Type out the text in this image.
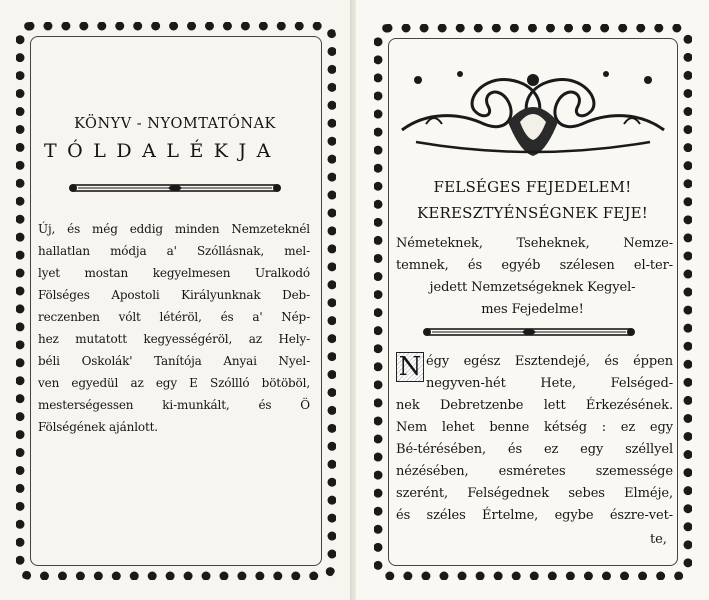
KÖNYV - NYOMTATÓNAK
TÓLDALÉKJA
Új, és még eddig minden Nemzeteknél
hallatlan módja a' Szóllásnak, mel-
lyet mostan kegyelmesen Uralkodó
Fölséges Apostoli Királyunknak Deb-
reczenben vólt létéröl, és a' Nép-
hez mutatott kegyességéröl, az Hely-
béli Oskolák' Tanítója Anyai Nyel-
ven egyedül az egy E Szóllló bötöböl,
mesterségessen ki-munkált, és Ö
Fölségének ajánlott.
FELSÉGES FEJEDELEM!
KERESZTYÉNSÉGNEK FEJE!
Németeknek, Tseheknek, Nemze-
temnek, és egyéb szélesen el-ter-
jedett Nemzetségeknek Kegyel-
mes Fejedelme!
N égy egész Esztendejé, és éppen
negyven-hét Hete, Felséged-
nek Debretzenbe lett Érkezésének.
Nem lehet benne kétség : ez egy
Bé-térésében, és ez egy széllyel
nézésében, esméretes szemessége
szerént, Felségednek sebes Elméje,
és széles Értelme, egybe észre-vet-
te,
